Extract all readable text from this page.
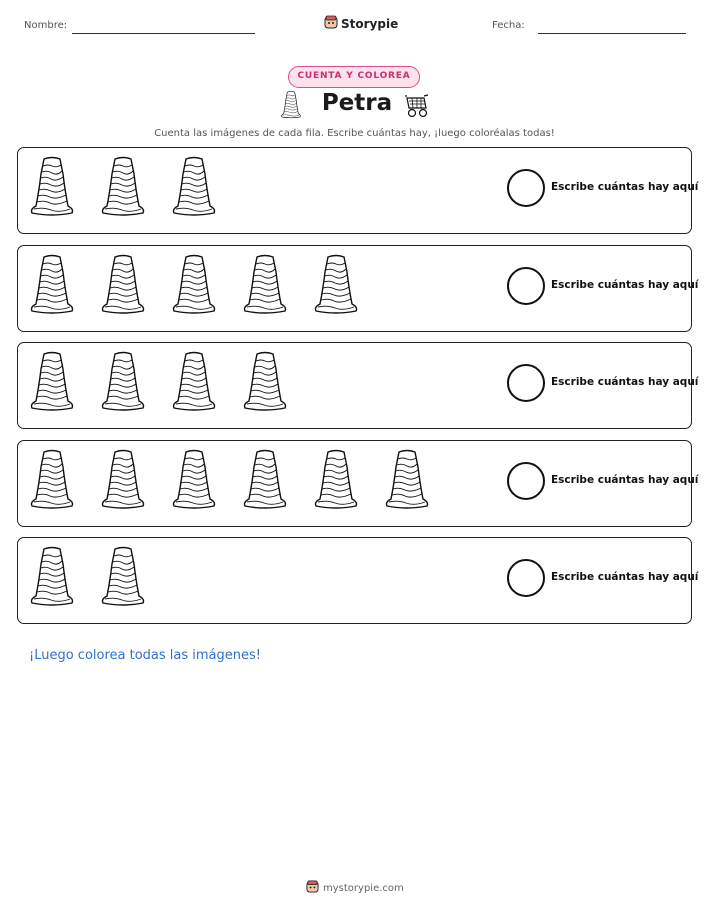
Nombre:	Storypie	Fecha:
CUENTA Y COLOREA
Petra
Cuenta las imágenes de cada fila. Escribe cuántas hay, ¡luego coloréalas todas!
Escribe cuántas hay aquí
Escribe cuántas hay aquí
Escribe cuántas hay aquí
Escribe cuántas hay aquí
Escribe cuántas hay aquí
¡Luego colorea todas las imágenes!
mystorypie.com
